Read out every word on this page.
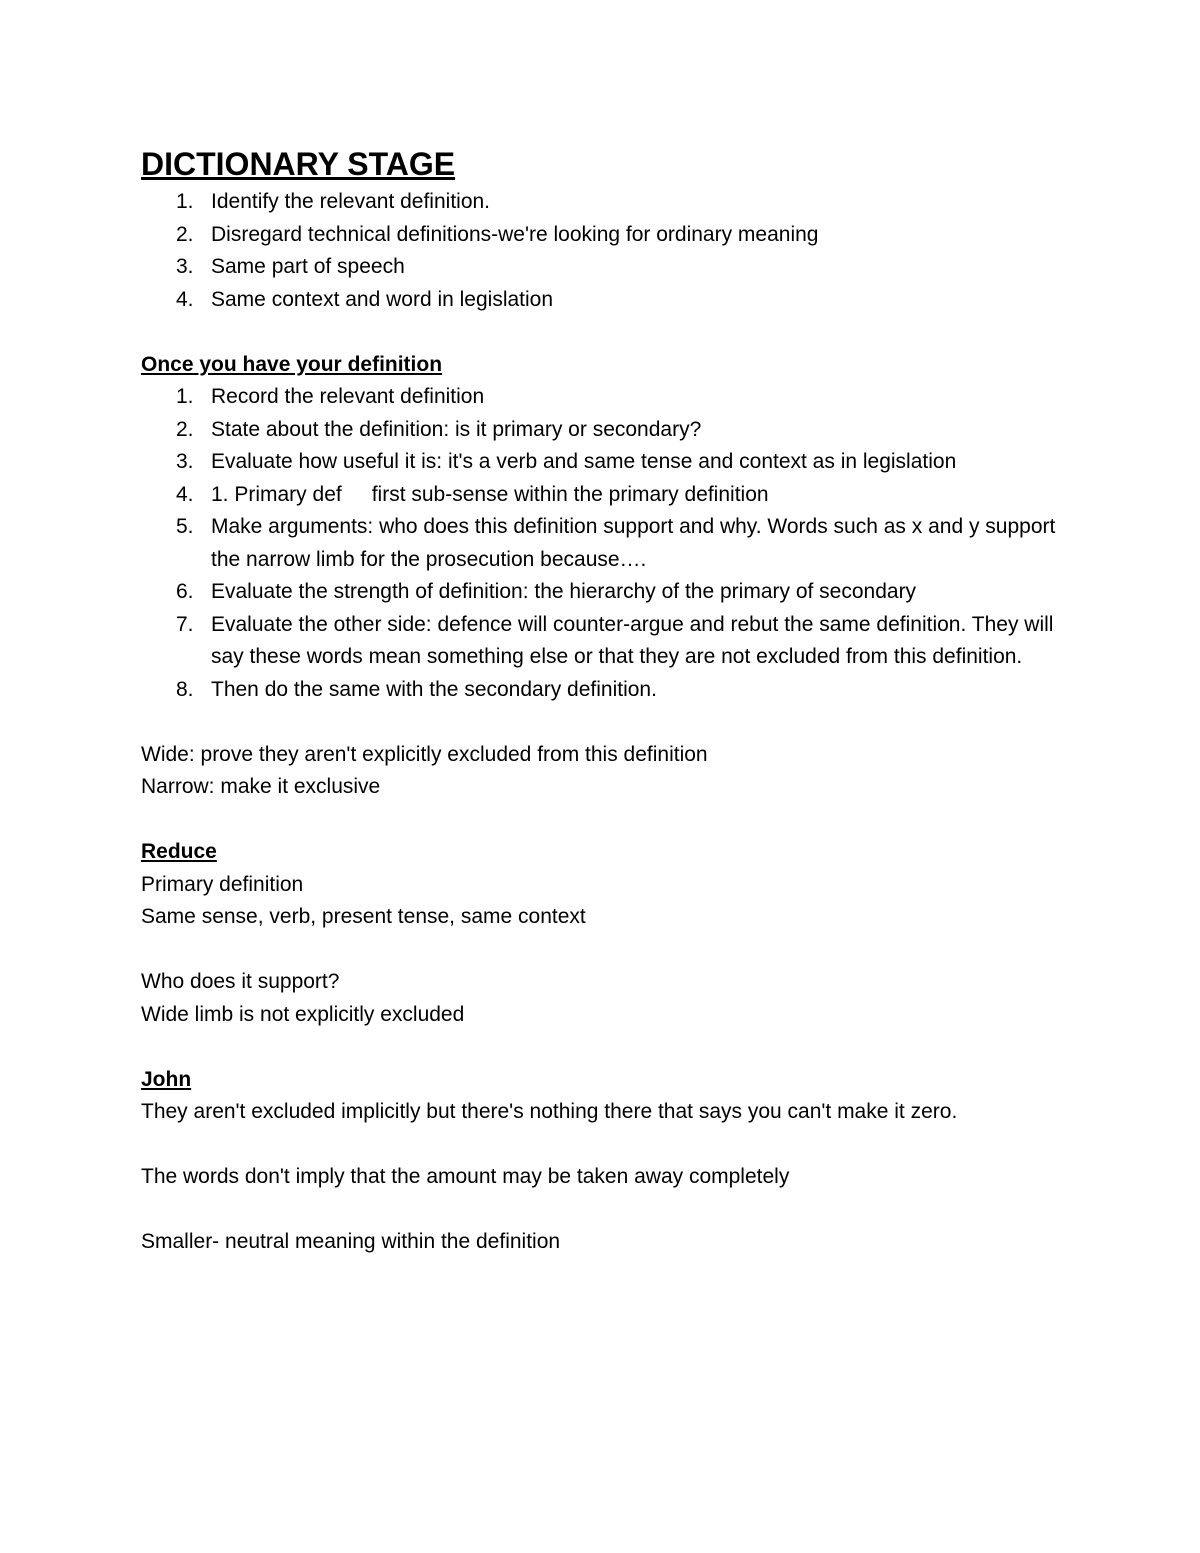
DICTIONARY STAGE
1. Identify the relevant definition.
2. Disregard technical definitions-we're looking for ordinary meaning
3. Same part of speech
4. Same context and word in legislation
Once you have your definition
1. Record the relevant definition
2. State about the definition: is it primary or secondary?
3. Evaluate how useful it is: it's a verb and same tense and context as in legislation
4. 1. Primary def first sub-sense within the primary definition
5. Make arguments: who does this definition support and why. Words such as x and y support the narrow limb for the prosecution because….
6. Evaluate the strength of definition: the hierarchy of the primary of secondary
7. Evaluate the other side: defence will counter-argue and rebut the same definition. They will say these words mean something else or that they are not excluded from this definition.
8. Then do the same with the secondary definition.

Wide: prove they aren't explicitly excluded from this definition

Narrow: make it exclusive

Reduce

Primary definition

Same sense, verb, present tense, same context

Who does it support?

Wide limb is not explicitly excluded

John

They aren't excluded implicitly but there's nothing there that says you can't make it zero.

The words don't imply that the amount may be taken away completely

Smaller- neutral meaning within the definition
